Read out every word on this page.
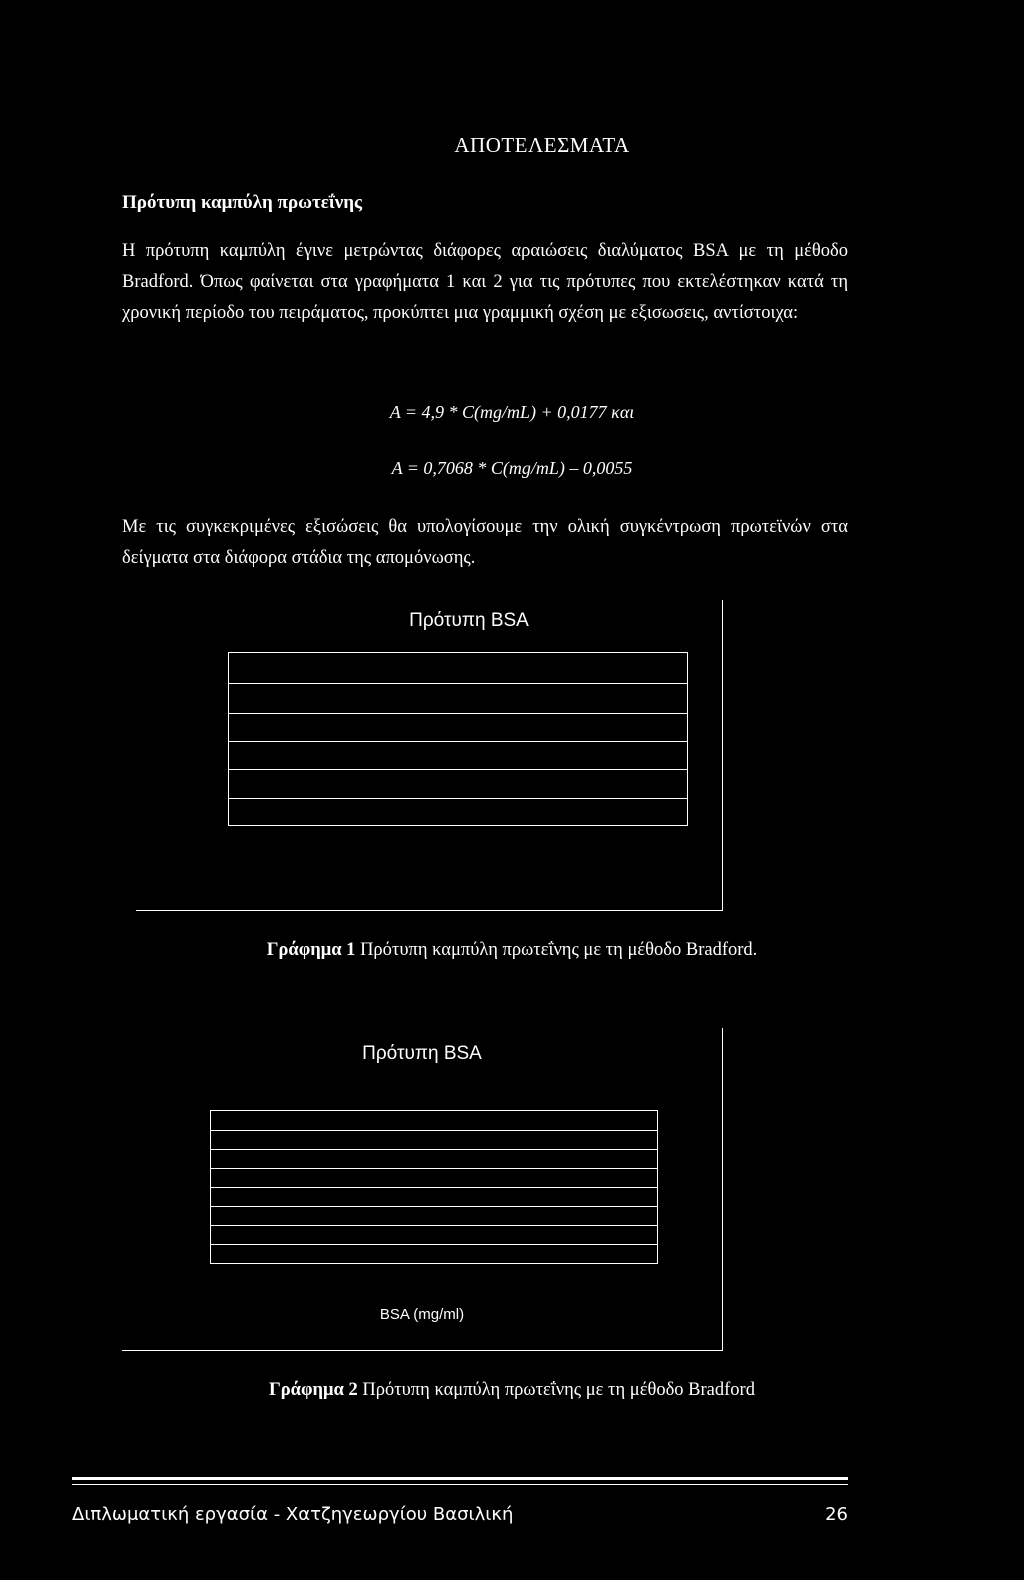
ΑΠΟΤΕΛΕΣΜΑΤΑ
Πρότυπη καμπύλη πρωτεΐνης
Η πρότυπη καμπύλη έγινε μετρώντας διάφορες αραιώσεις διαλύματος BSA με τη μέθοδο Bradford. Όπως φαίνεται στα γραφήματα 1 και 2 για τις πρότυπες που εκτελέστηκαν κατά τη χρονική περίοδο του πειράματος, προκύπτει μια γραμμική σχέση με εξισωσεις, αντίστοιχα:
A = 4,9 * C(mg/mL) + 0,0177 και
A = 0,7068 * C(mg/mL) – 0,0055
Με τις συγκεκριμένες εξισώσεις θα υπολογίσουμε την ολική συγκέντρωση πρωτεϊνών στα δείγματα στα διάφορα στάδια της απομόνωσης.
Πρότυπη BSA
Γράφημα 1 Πρότυπη καμπύλη πρωτεΐνης με τη μέθοδο Bradford.
Πρότυπη BSA
BSA (mg/ml)
Γράφημα 2 Πρότυπη καμπύλη πρωτεΐνης με τη μέθοδο Bradford
Διπλωματική εργασία - Χατζηγεωργίου Βασιλική	26
